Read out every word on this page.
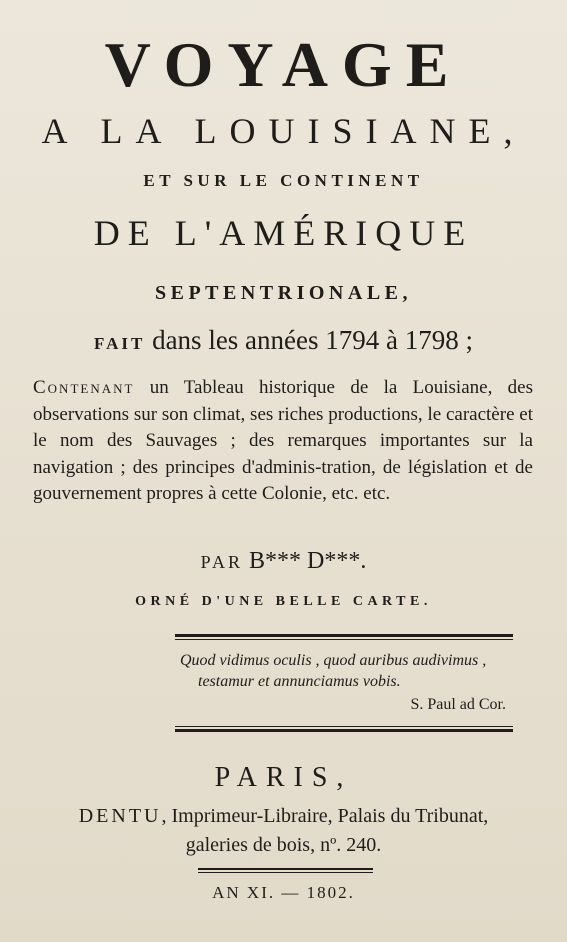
VOYAGE
A LA LOUISIANE,
ET SUR LE CONTINENT
DE L'AMÉRIQUE
SEPTENTRIONALE,
FAIT dans les années 1794 à 1798 ;
Contenant un Tableau historique de la Louisiane, des observations sur son climat, ses riches productions, le caractère et le nom des Sauvages ; des remarques importantes sur la navigation ; des principes d'adminis-tration, de législation et de gouvernement propres à cette Colonie, etc. etc.
PAR B*** D***.
ORNÉ D'UNE BELLE CARTE.
Quod vidimus oculis , quod auribus audivimus ,
testamur et annunciamus vobis.
S. Paul ad Cor.
PARIS,
DENTU, Imprimeur-Libraire, Palais du Tribunat,
galeries de bois, nº. 240.
AN XI. — 1802.
